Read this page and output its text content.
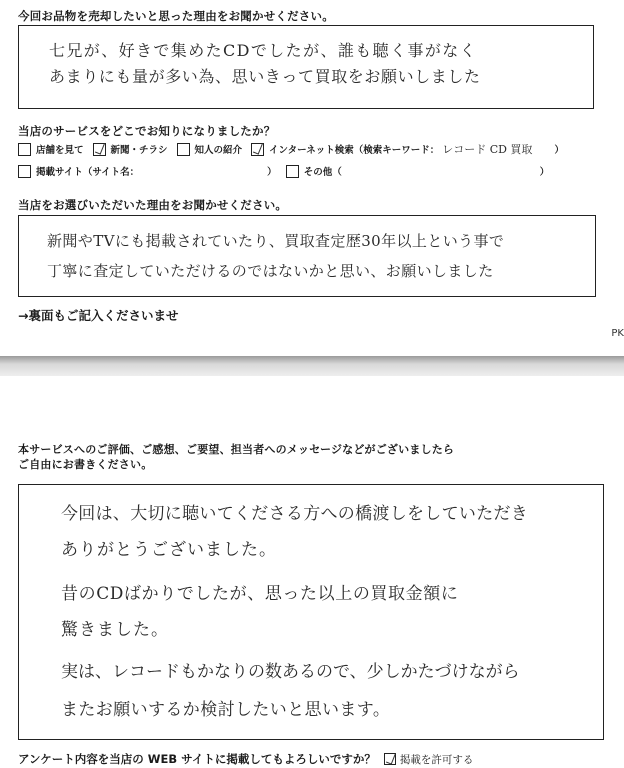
今回お品物を売却したいと思った理由をお聞かせください。
七兄が、好きで集めたCDでしたが、誰も聴く事がなく
あまりにも量が多い為、思いきって買取をお願いしました
当店のサービスをどこでお知りになりましたか？
店舗を見て	新聞・チラシ	知人の紹介	インターネット検索（検索キーワード： レコード CD 買取 ）
掲載サイト（サイト名：	）	その他（	）
当店をお選びいただいた理由をお聞かせください。
新聞やTVにも掲載されていたり、買取査定歴30年以上という事で
丁寧に査定していただけるのではないかと思い、お願いしました
→裏面もご記入くださいませ
PK
本サービスへのご評価、ご感想、ご要望、担当者へのメッセージなどがございましたら
ご自由にお書きください。
今回は、大切に聴いてくださる方への橋渡しをしていただき
ありがとうございました。
昔のCDばかりでしたが、思った以上の買取金額に
驚きました。
実は、レコードもかなりの数あるので、少しかたづけながら
またお願いするか検討したいと思います。
アンケート内容を当店の WEB サイトに掲載してもよろしいですか？ 掲載を許可する
